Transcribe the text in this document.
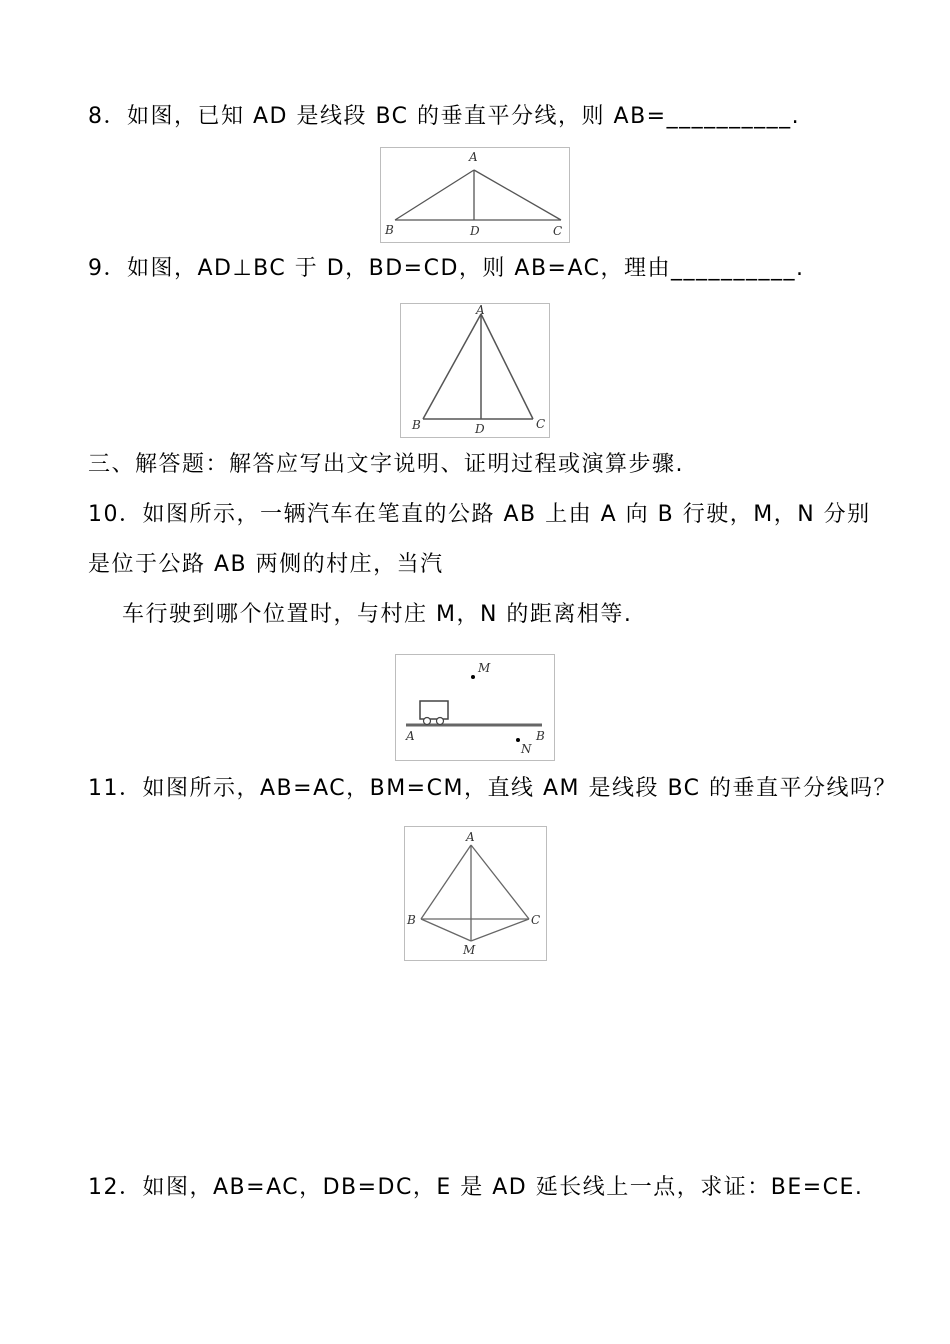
8．如图，已知 AD 是线段 BC 的垂直平分线，则 AB=__________.
A
B	D	C
9．如图，AD⊥BC 于 D，BD=CD，则 AB=AC，理由__________.
A
B	D	C
三、解答题：解答应写出文字说明、证明过程或演算步骤.
10．如图所示，一辆汽车在笔直的公路 AB 上由 A 向 B 行驶，M，N 分别
是位于公路 AB 两侧的村庄，当汽
车行驶到哪个位置时，与村庄 M，N 的距离相等.
M
A	B
N
11．如图所示，AB=AC，BM=CM，直线 AM 是线段 BC 的垂直平分线吗？
A
B	C
M
12．如图，AB=AC，DB=DC，E 是 AD 延长线上一点，求证：BE=CE.
